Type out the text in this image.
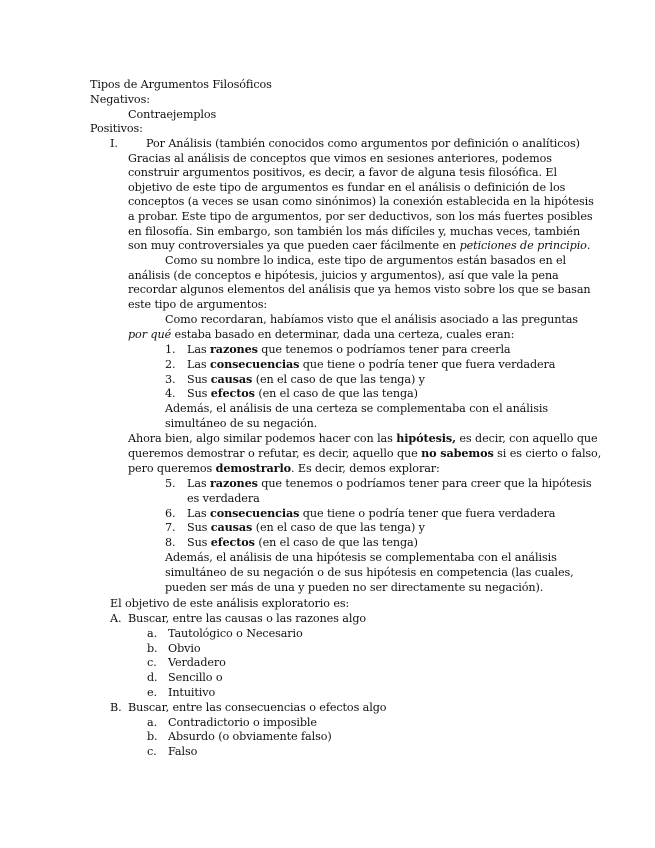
Tipos de Argumentos Filosóficos
Negativos:
Contraejemplos
Positivos:
I.	Por Análisis (también conocidos como argumentos por definición o analíticos)
Gracias al análisis de conceptos que vimos en sesiones anteriores, podemos
construir argumentos positivos, es decir, a favor de alguna tesis filosófica. El
objetivo de este tipo de argumentos es fundar en el análisis o definición de los
conceptos (a veces se usan como sinónimos) la conexión establecida en la hipótesis
a probar. Este tipo de argumentos, por ser deductivos, son los más fuertes posibles
en filosofía. Sin embargo, son también los más difíciles y, muchas veces, también
son muy controversiales ya que pueden caer fácilmente en peticiones de principio.
Como su nombre lo indica, este tipo de argumentos están basados en el
análisis (de conceptos e hipótesis, juicios y argumentos), así que vale la pena
recordar algunos elementos del análisis que ya hemos visto sobre los que se basan
este tipo de argumentos:
Como recordaran, habíamos visto que el análisis asociado a las preguntas
por qué estaba basado en determinar, dada una certeza, cuales eran:
1. Las razones que tenemos o podríamos tener para creerla
2. Las consecuencias que tiene o podría tener que fuera verdadera
3. Sus causas (en el caso de que las tenga) y
4. Sus efectos (en el caso de que las tenga)
Además, el análisis de una certeza se complementaba con el análisis
simultáneo de su negación.
Ahora bien, algo similar podemos hacer con las hipótesis, es decir, con aquello que
queremos demostrar o refutar, es decir, aquello que no sabemos si es cierto o falso,
pero queremos demostrarlo. Es decir, demos explorar:
5. Las razones que tenemos o podríamos tener para creer que la hipótesis
es verdadera
6. Las consecuencias que tiene o podría tener que fuera verdadera
7. Sus causas (en el caso de que las tenga) y
8. Sus efectos (en el caso de que las tenga)
Además, el análisis de una hipótesis se complementaba con el análisis
simultáneo de su negación o de sus hipótesis en competencia (las cuales,
pueden ser más de una y pueden no ser directamente su negación).
El objetivo de este análisis exploratorio es:
A. Buscar, entre las causas o las razones algo
a. Tautológico o Necesario
b. Obvio
c. Verdadero
d. Sencillo o
e. Intuitivo
B. Buscar, entre las consecuencias o efectos algo
a. Contradictorio o imposible
b. Absurdo (o obviamente falso)
c. Falso
